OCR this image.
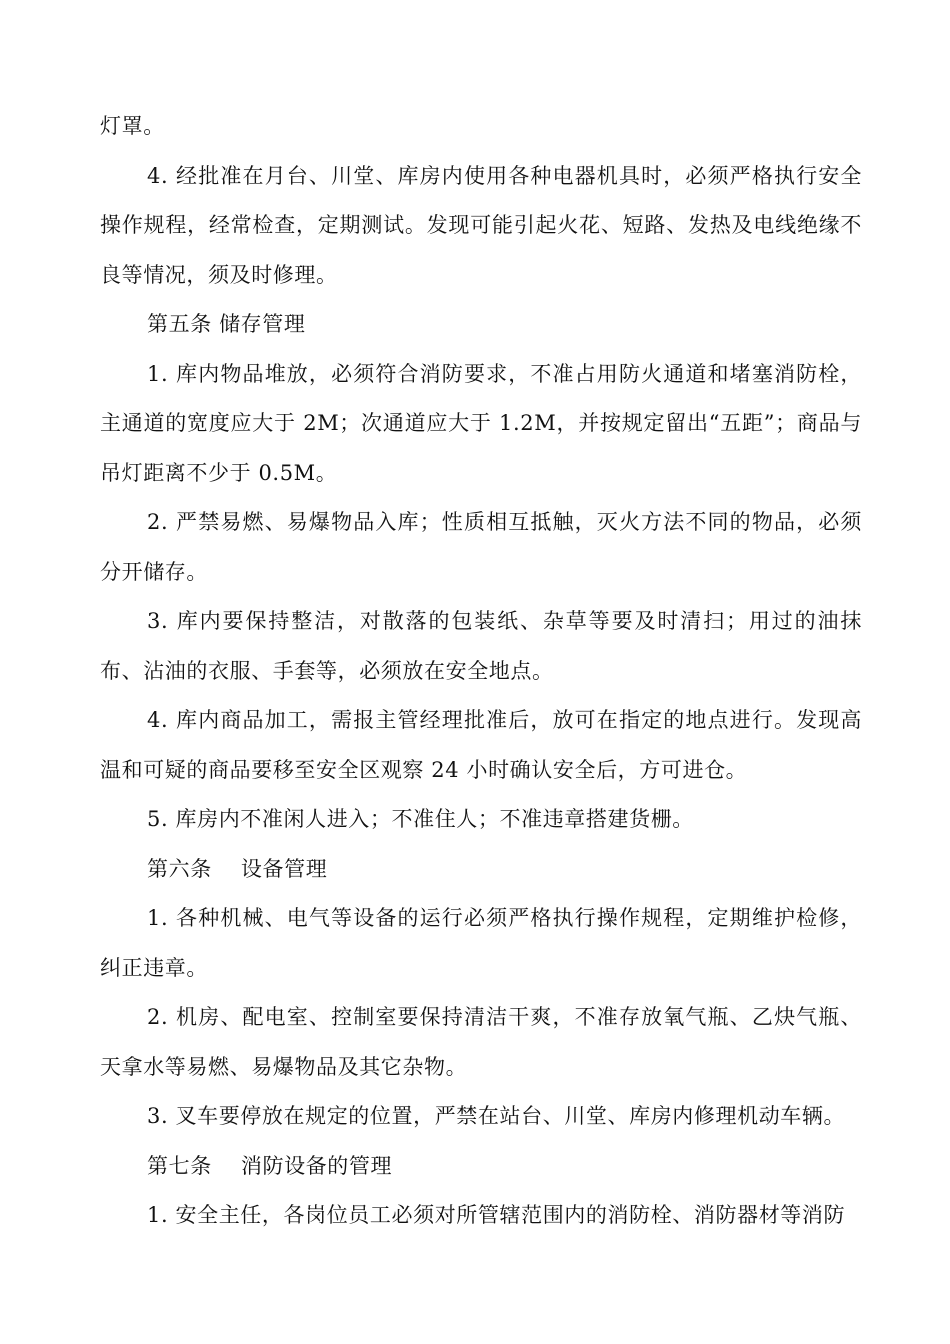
灯罩。

4. 经批准在月台、川堂、库房内使用各种电器机具时，必须严格执行安全操作规程，经常检查，定期测试。发现可能引起火花、短路、发热及电线绝缘不良等情况，须及时修理。

第五条 储存管理

1. 库内物品堆放，必须符合消防要求，不准占用防火通道和堵塞消防栓，主通道的宽度应大于 2M；次通道应大于 1.2M，并按规定留出“五距”；商品与吊灯距离不少于 0.5M。

2. 严禁易燃、易爆物品入库；性质相互抵触，灭火方法不同的物品，必须分开储存。

3. 库内要保持整洁，对散落的包装纸、杂草等要及时清扫；用过的油抹布、沾油的衣服、手套等，必须放在安全地点。

4. 库内商品加工，需报主管经理批准后，放可在指定的地点进行。发现高温和可疑的商品要移至安全区观察 24 小时确认安全后，方可进仓。

5. 库房内不准闲人进入；不准住人；不准违章搭建货栅。

第六条    设备管理

1. 各种机械、电气等设备的运行必须严格执行操作规程，定期维护检修，纠正违章。

2. 机房、配电室、控制室要保持清洁干爽，不准存放氧气瓶、乙炔气瓶、天拿水等易燃、易爆物品及其它杂物。

3. 叉车要停放在规定的位置，严禁在站台、川堂、库房内修理机动车辆。

第七条    消防设备的管理

1. 安全主任，各岗位员工必须对所管辖范围内的消防栓、消防器材等消防
